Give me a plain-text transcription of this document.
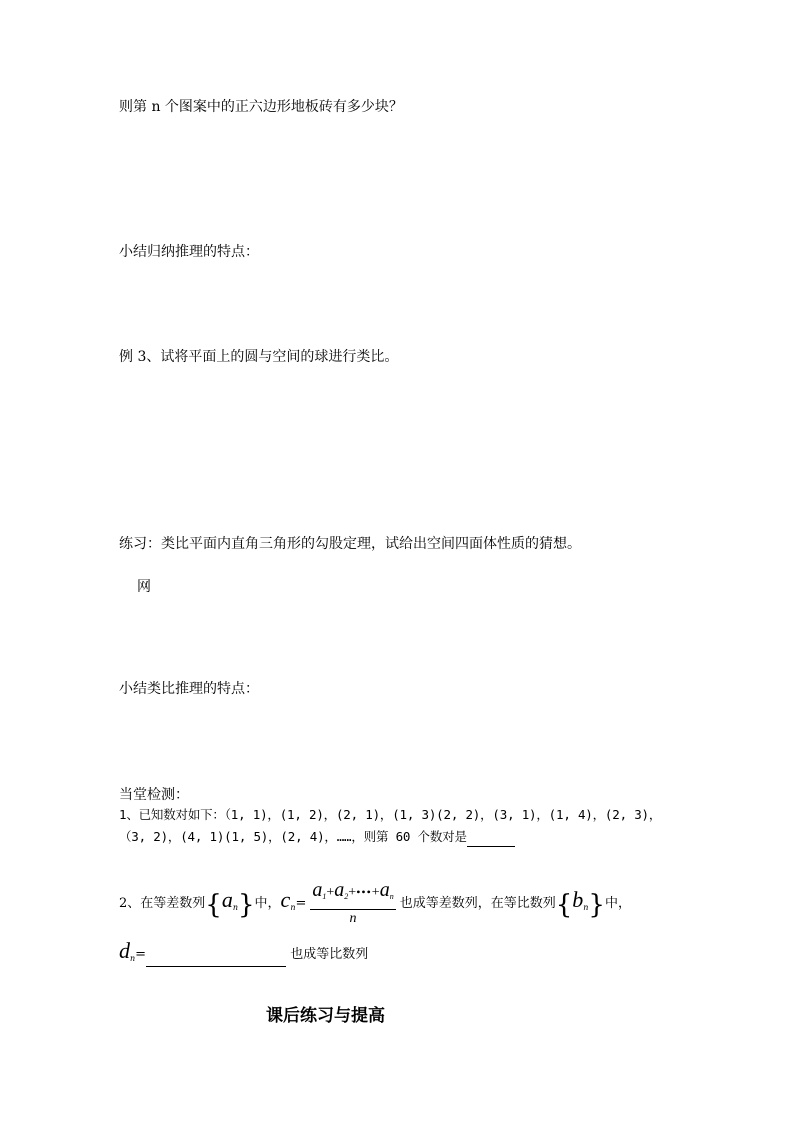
则第 n 个图案中的正六边形地板砖有多少块？
小结归纳推理的特点：
例 3、试将平面上的圆与空间的球进行类比。
练习：类比平面内直角三角形的勾股定理，试给出空间四面体性质的猜想。
网
小结类比推理的特点：
当堂检测：
1、已知数对如下：（1, 1)，(1, 2)，(2, 1)，(1, 3)(2, 2)，(3, 1)，(1, 4)，(2, 3)，
（3, 2)，(4, 1)(1, 5)，(2, 4)，……，则第 60 个数对是
2、在等差数列$\{a_n\}$中，$c_n= \frac{a_1+a_2+•••+a_n}{n}$ 也成等差数列，在等比数列$\{b_n\}$中，
$d_n=$	也成等比数列
课后练习与提高
